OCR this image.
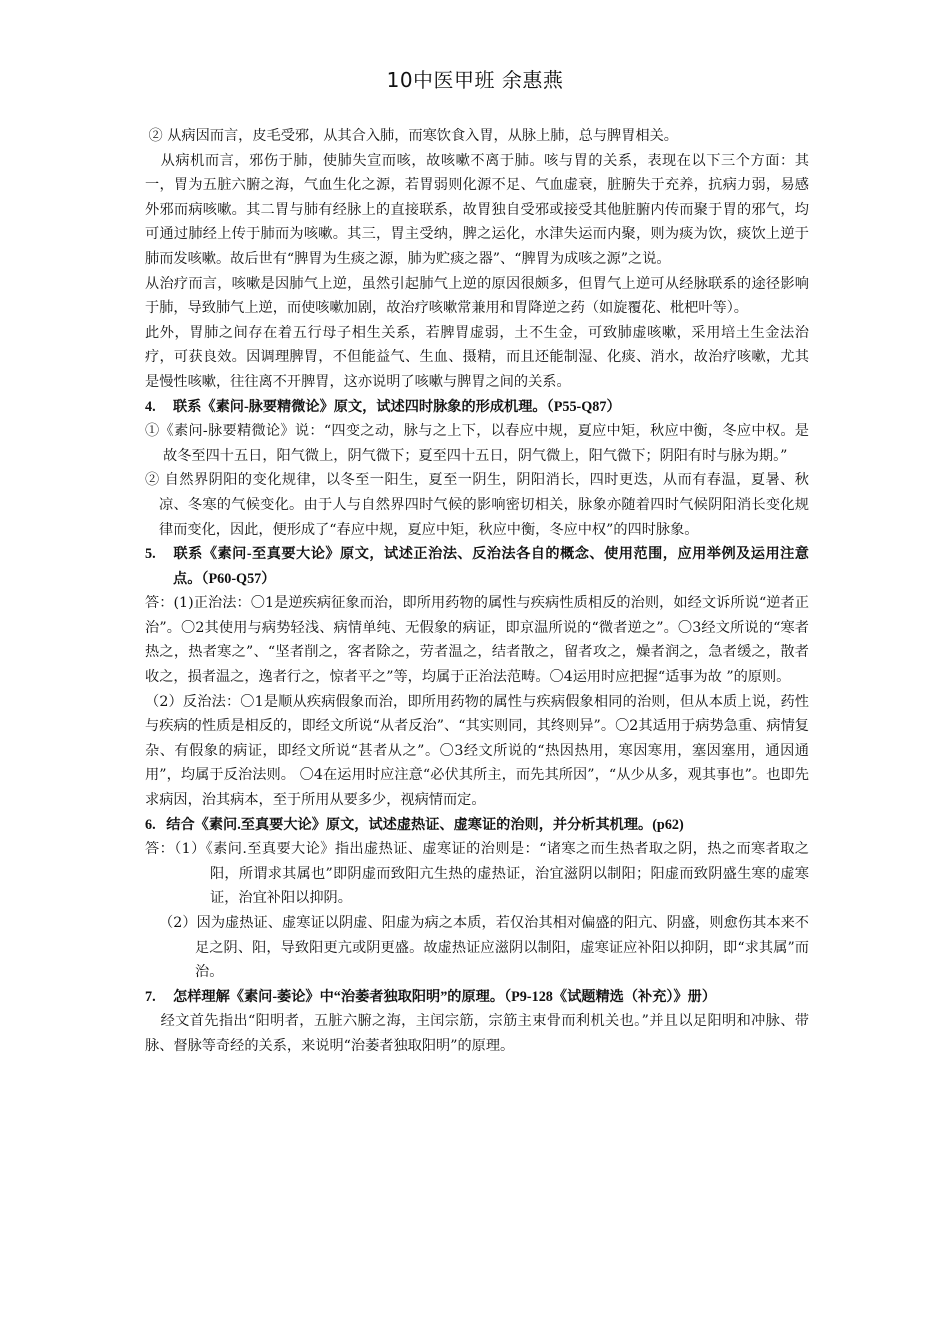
10中医甲班 余惠燕

② 从病因而言，皮毛受邪，从其合入肺，而寒饮食入胃，从脉上肺，总与脾胃相关。

从病机而言，邪伤于肺，使肺失宣而咳，故咳嗽不离于肺。咳与胃的关系，表现在以下三个方面：其一，胃为五脏六腑之海，气血生化之源，若胃弱则化源不足、气血虚衰，脏腑失于充养，抗病力弱，易感外邪而病咳嗽。其二胃与肺有经脉上的直接联系，故胃独自受邪或接受其他脏腑内传而聚于胃的邪气，均可通过肺经上传于肺而为咳嗽。其三，胃主受纳，脾之运化，水津失运而内聚，则为痰为饮，痰饮上逆于肺而发咳嗽。故后世有“脾胃为生痰之源，肺为贮痰之器”、“脾胃为成咳之源”之说。

从治疗而言，咳嗽是因肺气上逆，虽然引起肺气上逆的原因很颇多，但胃气上逆可从经脉联系的途径影响于肺，导致肺气上逆，而使咳嗽加剧，故治疗咳嗽常兼用和胃降逆之药（如旋覆花、枇杷叶等）。

此外，胃肺之间存在着五行母子相生关系，若脾胃虚弱，土不生金，可致肺虚咳嗽，采用培土生金法治疗，可获良效。因调理脾胃，不但能益气、生血、摄精，而且还能制湿、化痰、消水，故治疗咳嗽，尤其是慢性咳嗽，往往离不开脾胃，这亦说明了咳嗽与脾胃之间的关系。

4. 联系《素问-脉要精微论》原文，试述四时脉象的形成机理。（P55-Q87）

①《素问-脉要精微论》说：“四变之动，脉与之上下，以春应中规，夏应中矩，秋应中衡，冬应中权。是故冬至四十五日，阳气微上，阴气微下；夏至四十五日，阴气微上，阳气微下；阴阳有时与脉为期。”

② 自然界阴阳的变化规律，以冬至一阳生，夏至一阴生，阴阳消长，四时更迭，从而有春温，夏暑、秋凉、冬寒的气候变化。由于人与自然界四时气候的影响密切相关，脉象亦随着四时气候阴阳消长变化规律而变化，因此，便形成了“春应中规，夏应中矩，秋应中衡，冬应中权”的四时脉象。

5. 联系《素问-至真要大论》原文，试述正治法、反治法各自的概念、使用范围，应用举例及运用注意点。（P60-Q57）

答：(1)正治法：〇1是逆疾病征象而治，即所用药物的属性与疾病性质相反的治则，如经文诉所说“逆者正治”。〇2其使用与病势轻浅、病情单纯、无假象的病证，即京温所说的“微者逆之”。〇3经文所说的“寒者热之，热者寒之”、“坚者削之，客者除之，劳者温之，结者散之，留者攻之，燥者润之，急者缓之，散者收之，损者温之，逸者行之，惊者平之”等，均属于正治法范畴。〇4运用时应把握“适事为故 ”的原则。

（2）反治法：〇1是顺从疾病假象而治，即所用药物的属性与疾病假象相同的治则，但从本质上说，药性与疾病的性质是相反的，即经文所说“从者反治”、“其实则同，其终则异”。〇2其适用于病势急重、病情复杂、有假象的病证，即经文所说“甚者从之”。〇3经文所说的“热因热用，寒因寒用，塞因塞用，通因通用”，均属于反治法则。 〇4在运用时应注意“必伏其所主，而先其所因”，“从少从多，观其事也”。也即先求病因，治其病本，至于所用从要多少，视病情而定。

6. 结合《素问.至真要大论》原文，试述虚热证、虚寒证的治则，并分析其机理。(p62)

答：（1）《素问.至真要大论》指出虚热证、虚寒证的治则是：“诸寒之而生热者取之阴，热之而寒者取之阳，所谓求其属也”即阴虚而致阳亢生热的虚热证，治宜滋阴以制阳；阳虚而致阴盛生寒的虚寒证，治宜补阳以抑阴。

（2）因为虚热证、虚寒证以阴虚、阳虚为病之本质，若仅治其相对偏盛的阳亢、阴盛，则愈伤其本来不足之阴、阳，导致阳更亢或阴更盛。故虚热证应滋阴以制阳，虚寒证应补阳以抑阴，即“求其属”而治。

7. 怎样理解《素问-萎论》中“治萎者独取阳明”的原理。（P9-128《试题精选（补充）》册）

经文首先指出“阳明者，五脏六腑之海，主闰宗筋，宗筋主束骨而利机关也。”并且以足阳明和冲脉、带脉、督脉等奇经的关系，来说明“治萎者独取阳明”的原理。
